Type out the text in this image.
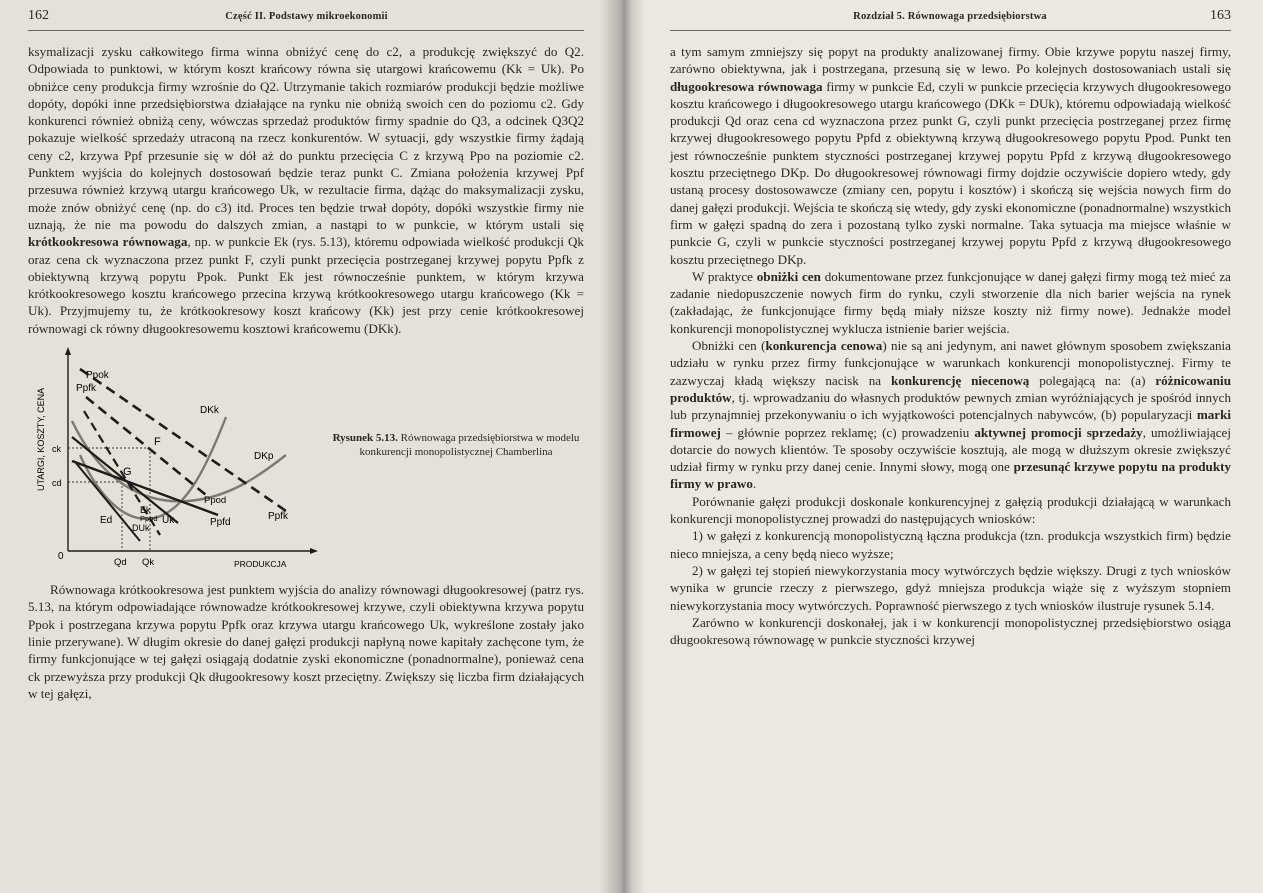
162	Część II. Podstawy mikroekonomii

ksymalizacji zysku całkowitego firma winna obniżyć cenę do c2, a produkcję zwiększyć do Q2. Odpowiada to punktowi, w którym koszt krańcowy równa się utargowi krańcowemu (Kk = Uk). Po obniżce ceny produkcja firmy wzrośnie do Q2. Utrzymanie takich rozmiarów produkcji będzie możliwe dopóty, dopóki inne przedsiębiorstwa działające na rynku nie obniżą swoich cen do poziomu c2. Gdy konkurenci również obniżą ceny, wówczas sprzedaż produktów firmy spadnie do Q3, a odcinek Q3Q2 pokazuje wielkość sprzedaży utraconą na rzecz konkurentów. W sytuacji, gdy wszystkie firmy żądają ceny c2, krzywa Ppf przesunie się w dół aż do punktu przecięcia C z krzywą Ppo na poziomie c2. Punktem wyjścia do kolejnych dostosowań będzie teraz punkt C. Zmiana położenia krzywej Ppf przesuwa również krzywą utargu krańcowego Uk, w rezultacie firma, dążąc do maksymalizacji zysku, może znów obniżyć cenę (np. do c3) itd. Proces ten będzie trwał dopóty, dopóki wszystkie firmy nie uznają, że nie ma powodu do dalszych zmian, a nastąpi to w punkcie, w którym ustali się krótkookresowa równowaga, np. w punkcie Ek (rys. 5.13), któremu odpowiada wielkość produkcji Qk oraz cena ck wyznaczona przez punkt F, czyli punkt przecięcia postrzeganej krzywej popytu Ppfk z obiektywną krzywą popytu Ppok. Punkt Ek jest równocześnie punktem, w którym krzywa krótkookresowego kosztu krańcowego przecina krzywą krótkookresowego utargu krańcowego (Kk = Uk). Przyjmujemy tu, że krótkookresowy koszt krańcowy (Kk) jest przy cenie krótkookresowej równowagi ck równy długookresowemu kosztowi krańcowemu (DKk).

UTARGI, KOSZTY, CENA
PRODUKCJA
0
Ppfk
Ppok
DKk
DKp
F
G
ck
cd
Ppod
Ppfk
Ppfd
Uk
Ed
Ek
DUk
Ppod
Qd Qk
Rysunek 5.13. Równowaga przedsiębiorstwa w modelu konkurencji monopolistycznej Chamberlina

Równowaga krótkookresowa jest punktem wyjścia do analizy równowagi długookresowej (patrz rys. 5.13, na którym odpowiadające równowadze krótkookresowej krzywe, czyli obiektywna krzywa popytu Ppok i postrzegana krzywa popytu Ppfk oraz krzywa utargu krańcowego Uk, wykreślone zostały jako linie przerywane). W długim okresie do danej gałęzi produkcji napłyną nowe kapitały zachęcone tym, że firmy funkcjonujące w tej gałęzi osiągają dodatnie zyski ekonomiczne (ponadnormalne), ponieważ cena ck przewyższa przy produkcji Qk długookresowy koszt przeciętny. Zwiększy się liczba firm działających w tej gałęzi,

Rozdział 5. Równowaga przedsiębiorstwa	163

a tym samym zmniejszy się popyt na produkty analizowanej firmy. Obie krzywe popytu naszej firmy, zarówno obiektywna, jak i postrzegana, przesuną się w lewo. Po kolejnych dostosowaniach ustali się długookresowa równowaga firmy w punkcie Ed, czyli w punkcie przecięcia krzywych długookresowego kosztu krańcowego i długookresowego utargu krańcowego (DKk = DUk), któremu odpowiadają wielkość produkcji Qd oraz cena cd wyznaczona przez punkt G, czyli punkt przecięcia postrzeganej przez firmę krzywej długookresowego popytu Ppfd z obiektywną krzywą długookresowego popytu Ppod. Punkt ten jest równocześnie punktem styczności postrzeganej krzywej popytu Ppfd z krzywą długookresowego kosztu przeciętnego DKp. Do długookresowej równowagi firmy dojdzie oczywiście dopiero wtedy, gdy ustaną procesy dostosowawcze (zmiany cen, popytu i kosztów) i skończą się wejścia nowych firm do danej gałęzi produkcji. Wejścia te skończą się wtedy, gdy zyski ekonomiczne (ponadnormalne) wszystkich firm w gałęzi spadną do zera i pozostaną tylko zyski normalne. Taka sytuacja ma miejsce właśnie w punkcie G, czyli w punkcie styczności postrzeganej krzywej popytu Ppfd z krzywą długookresowego kosztu przeciętnego DKp.

W praktyce obniżki cen dokumentowane przez funkcjonujące w danej gałęzi firmy mogą też mieć za zadanie niedopuszczenie nowych firm do rynku, czyli stworzenie dla nich barier wejścia na rynek (zakładając, że funkcjonujące firmy będą miały niższe koszty niż firmy nowe). Jednakże model konkurencji monopolistycznej wyklucza istnienie barier wejścia.

Obniżki cen (konkurencja cenowa) nie są ani jedynym, ani nawet głównym sposobem zwiększania udziału w rynku przez firmy funkcjonujące w warunkach konkurencji monopolistycznej. Firmy te zazwyczaj kładą większy nacisk na konkurencję niecenową polegającą na: (a) różnicowaniu produktów, tj. wprowadzaniu do własnych produktów pewnych zmian wyróżniających je spośród innych lub przynajmniej przekonywaniu o ich wyjątkowości potencjalnych nabywców, (b) popularyzacji marki firmowej – głównie poprzez reklamę; (c) prowadzeniu aktywnej promocji sprzedaży, umożliwiającej dotarcie do nowych klientów. Te sposoby oczywiście kosztują, ale mogą w dłuższym okresie zwiększyć udział firmy w rynku przy danej cenie. Innymi słowy, mogą one przesunąć krzywe popytu na produkty firmy w prawo.

Porównanie gałęzi produkcji doskonale konkurencyjnej z gałęzią produkcji działającą w warunkach konkurencji monopolistycznej prowadzi do następujących wniosków:

1) w gałęzi z konkurencją monopolistyczną łączna produkcja (tzn. produkcja wszystkich firm) będzie nieco mniejsza, a ceny będą nieco wyższe;

2) w gałęzi tej stopień niewykorzystania mocy wytwórczych będzie większy. Drugi z tych wniosków wynika w gruncie rzeczy z pierwszego, gdyż mniejsza produkcja wiąże się z wyższym stopniem niewykorzystania mocy wytwórczych. Poprawność pierwszego z tych wniosków ilustruje rysunek 5.14.

Zarówno w konkurencji doskonałej, jak i w konkurencji monopolistycznej przedsiębiorstwo osiąga długookresową równowagę w punkcie styczności krzywej
